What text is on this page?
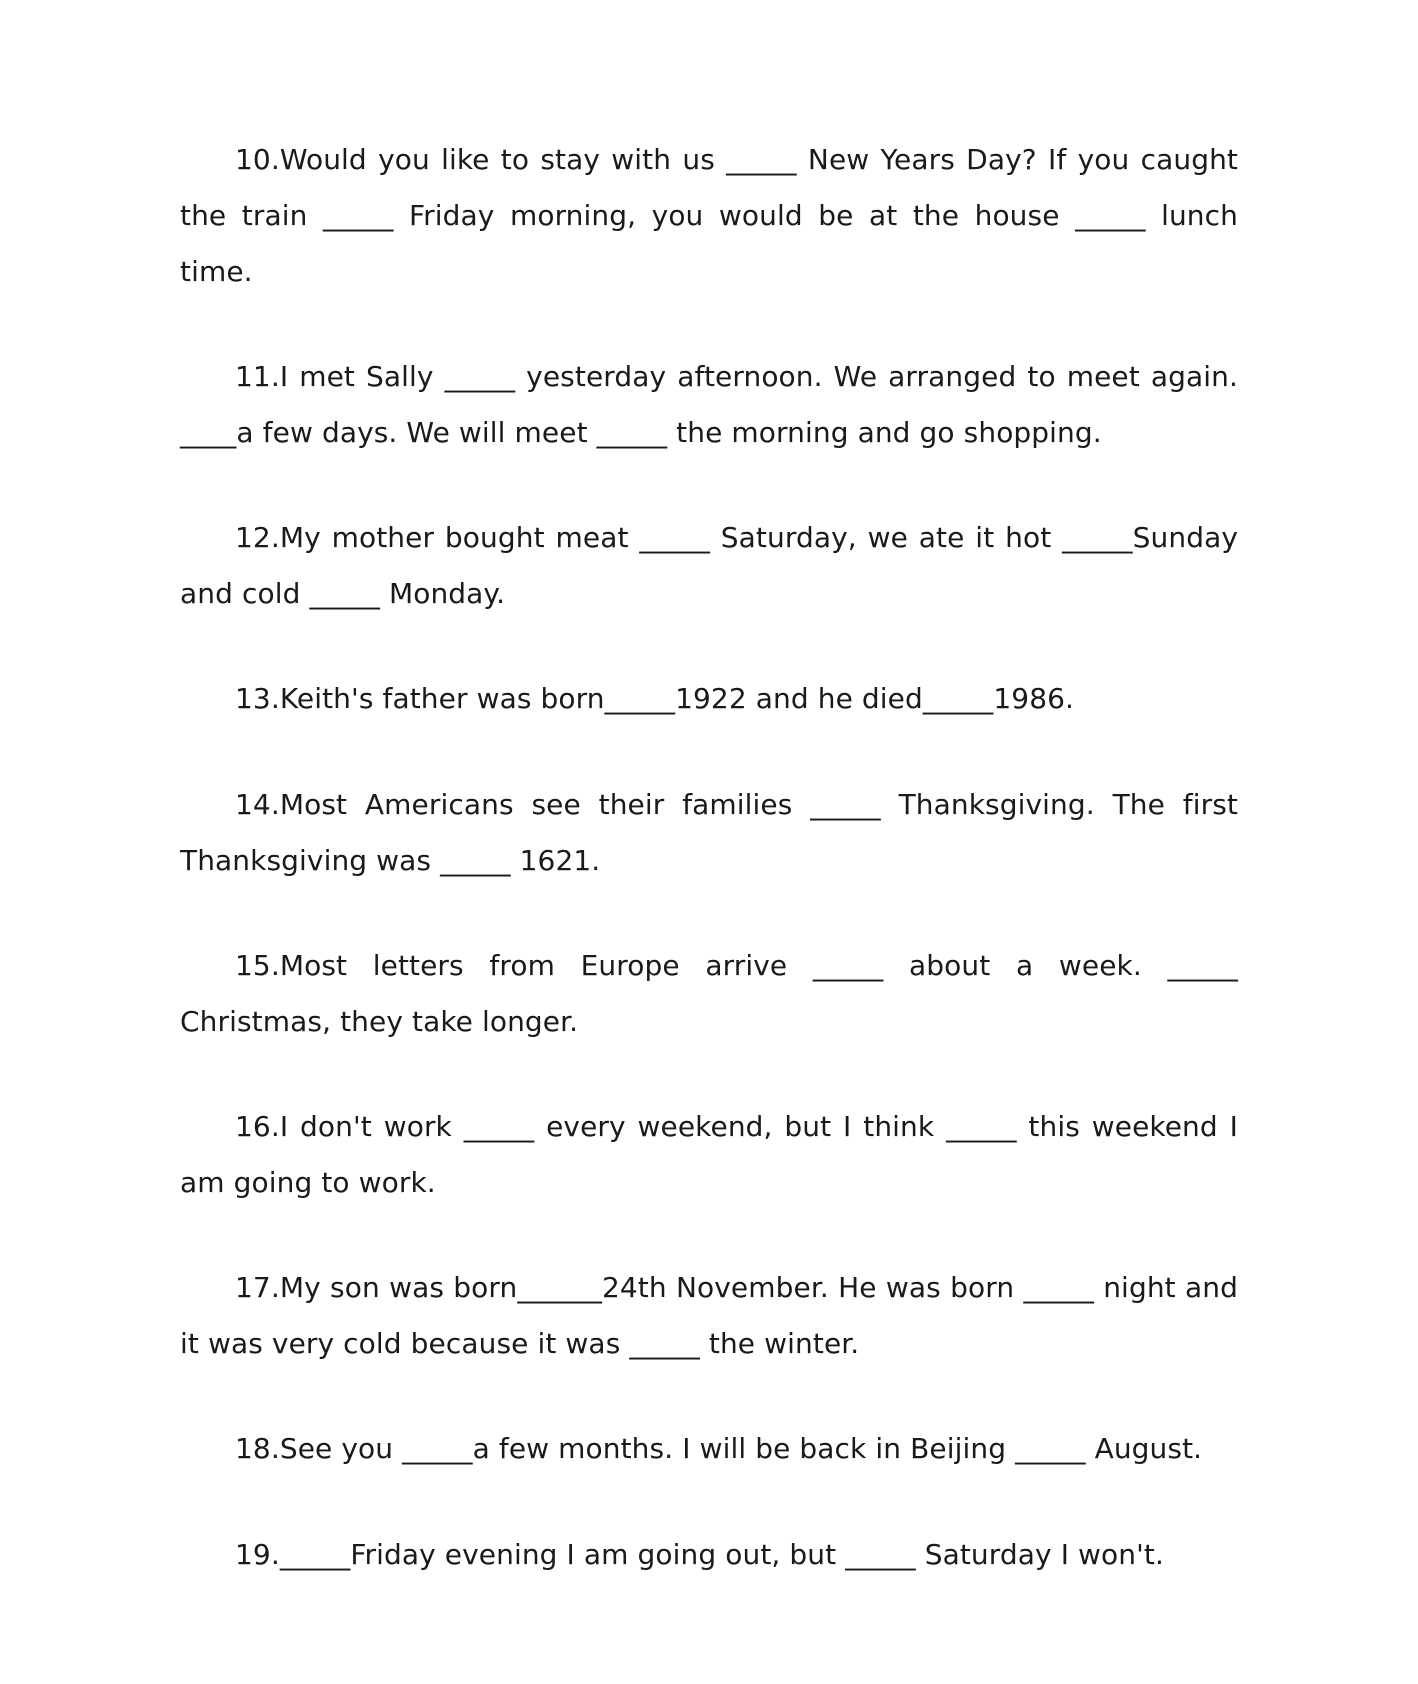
10.Would you like to stay with us _____ New Years Day? If you caught the train _____ Friday morning, you would be at the house _____ lunch time.

11.I met Sally _____ yesterday afternoon. We arranged to meet again. ____a few days. We will meet _____ the morning and go shopping.

12.My mother bought meat _____ Saturday, we ate it hot _____Sunday and cold _____ Monday.

13.Keith's father was born_____1922 and he died_____1986.

14.Most Americans see their families _____ Thanksgiving. The first Thanksgiving was _____ 1621.

15.Most letters from Europe arrive _____ about a week. _____ Christmas, they take longer.

16.I don't work _____ every weekend, but I think _____ this weekend I am going to work.

17.My son was born______24th November. He was born _____ night and it was very cold because it was _____ the winter.

18.See you _____a few months. I will be back in Beijing _____ August.

19._____Friday evening I am going out, but _____ Saturday I won't.
